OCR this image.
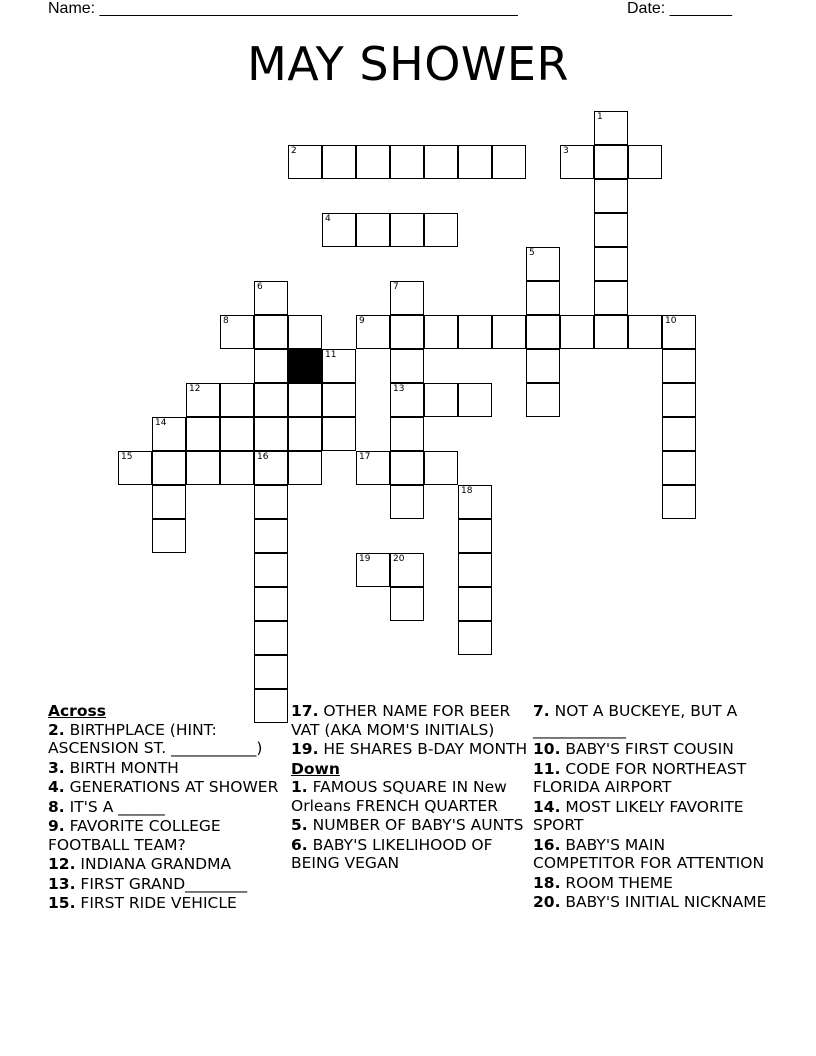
Name: _______________________________________________	Date: _______
MAY SHOWER
1
2	3
4
5
6	7
8	9	10
11
12	13
14
15	16	17
18
19	20
Across
2. BIRTHPLACE (HINT: ASCENSION ST. ___________)
3. BIRTH MONTH
4. GENERATIONS AT SHOWER
8. IT'S A ______
9. FAVORITE COLLEGE FOOTBALL TEAM?
12. INDIANA GRANDMA
13. FIRST GRAND________
15. FIRST RIDE VEHICLE
17. OTHER NAME FOR BEER VAT (AKA MOM'S INITIALS)
19. HE SHARES B-DAY MONTH
Down
1. FAMOUS SQUARE IN New Orleans FRENCH QUARTER
5. NUMBER OF BABY'S AUNTS
6. BABY'S LIKELIHOOD OF BEING VEGAN
7. NOT A BUCKEYE, BUT A ____________
10. BABY'S FIRST COUSIN
11. CODE FOR NORTHEAST FLORIDA AIRPORT
14. MOST LIKELY FAVORITE SPORT
16. BABY'S MAIN COMPETITOR FOR ATTENTION
18. ROOM THEME
20. BABY'S INITIAL NICKNAME
